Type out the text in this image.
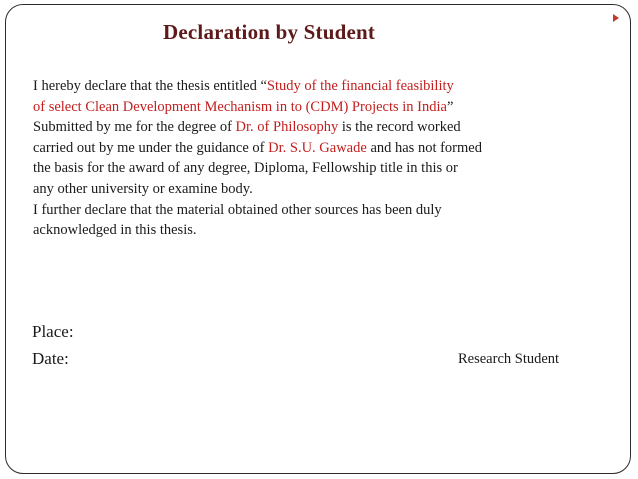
Declaration by Student
I hereby declare that the thesis entitled “Study of the financial feasibility
of select Clean Development Mechanism in to (CDM) Projects in India”
Submitted by me for the degree of Dr. of Philosophy is the record worked
carried out by me under the guidance of Dr. S.U. Gawade and has not formed
the basis for the award of any degree, Diploma, Fellowship title in this or
any other university or examine body.
I further declare that the material obtained other sources has been duly
acknowledged in this thesis.
Place:
Date:	Research Student
